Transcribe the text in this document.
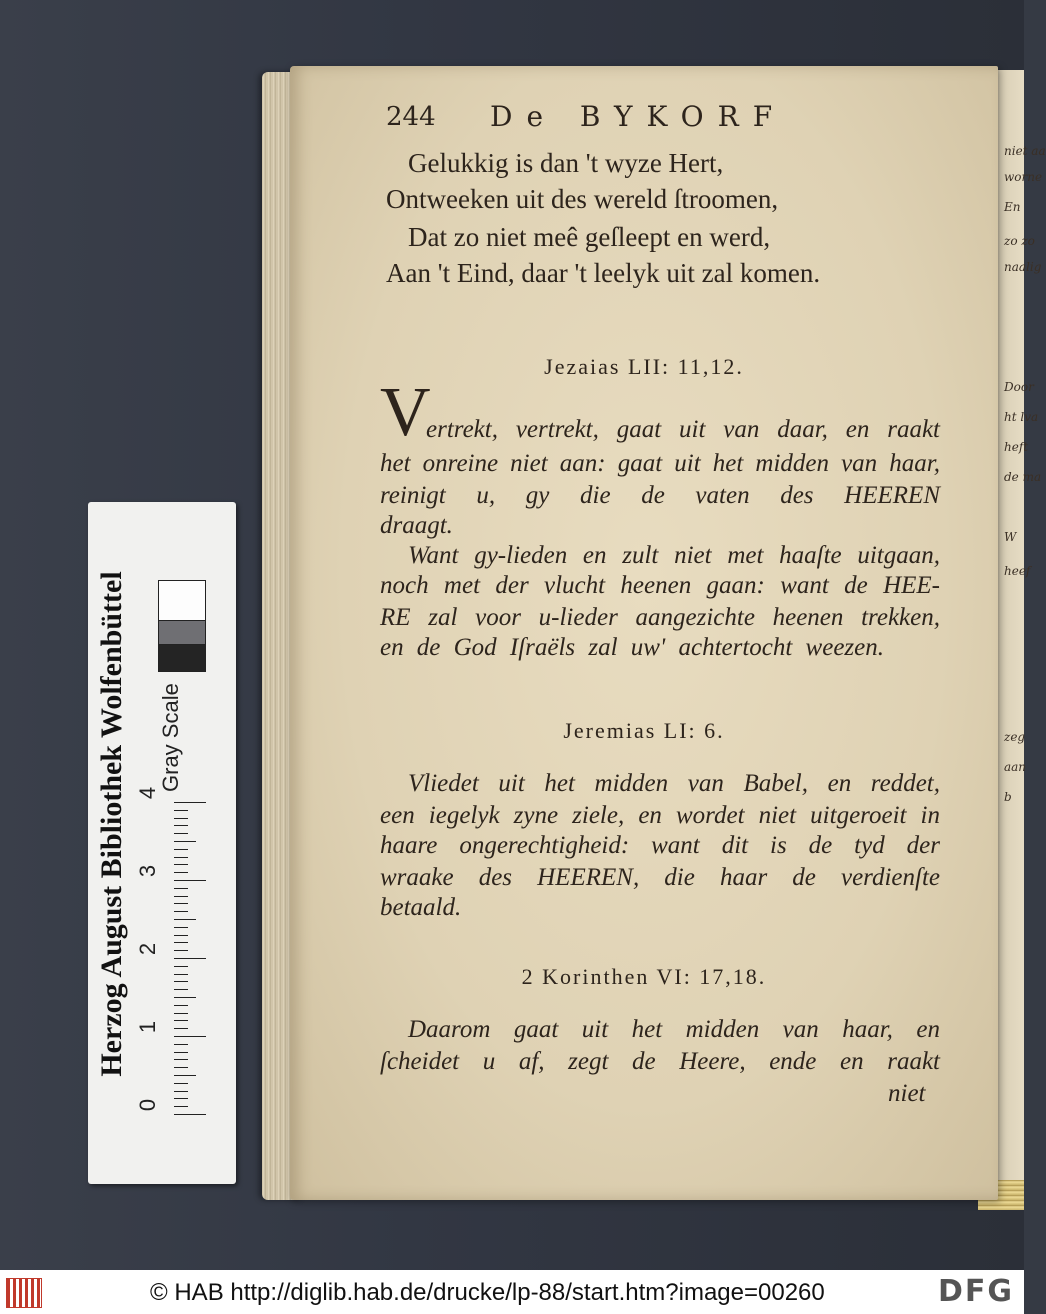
niet aa
worne
En
zo zo
naalig
Door
ht lva
heft
de ma
W
heef
zeg
aan
b
244 De BYKORF
Gelukkig is dan 't wyze Hert,
Ontweeken uit des wereld ſtroomen,
Dat zo niet meê geſleept en werd,
Aan 't Eind, daar 't leelyk uit zal komen.
Jezaias LII: 11,12.
V
ertrekt, vertrekt, gaat uit van daar, en raakt
het onreine niet aan: gaat uit het midden van haar,
reinigt u, gy die de vaten des HEEREN
draagt.
Want gy-lieden en zult niet met haaſte uitgaan,
noch met der vlucht heenen gaan: want de HEE-
RE zal voor u-lieder aangezichte heenen trekken,
en de God Iſraëls zal uw' achtertocht weezen.
Jeremias LI: 6.
Vliedet uit het midden van Babel, en reddet,
een iegelyk zyne ziele, en wordet niet uitgeroeit in
haare ongerechtigheid: want dit is de tyd der
wraake des HEEREN, die haar de verdienſte
betaald.
2 Korinthen VI: 17,18.
Daarom gaat uit het midden van haar, en
ſcheidet u af, zegt de Heere, ende en raakt
niet
Herzog August Bibliothek Wolfenbüttel	Gray Scale
0
1
2
3
4
© HAB http://diglib.hab.de/drucke/lp-88/start.htm?image=00260	DFG
